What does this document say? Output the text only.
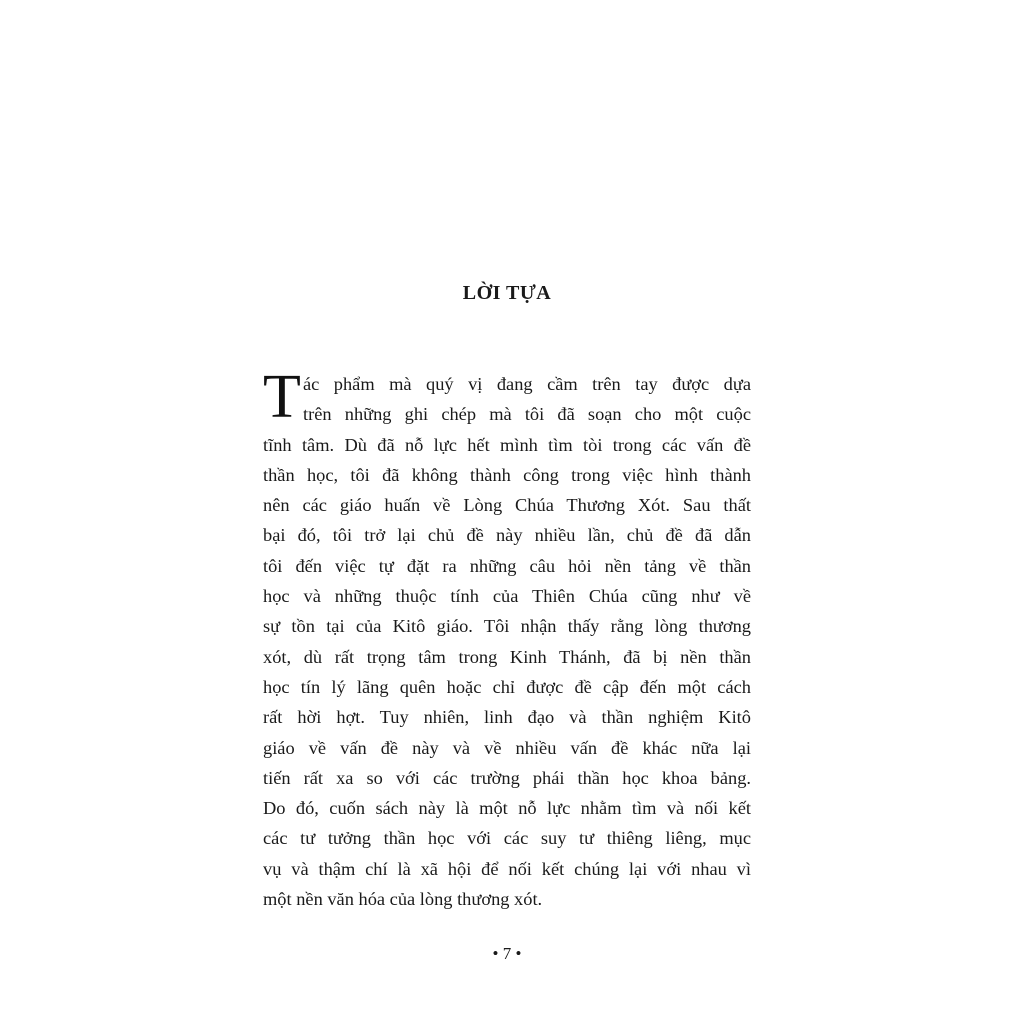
LỜI TỰA
T ác phẩm mà quý vị đang cầm trên tay được dựa
trên những ghi chép mà tôi đã soạn cho một cuộc
tĩnh tâm. Dù đã nỗ lực hết mình tìm tòi trong các vấn đề
thần học, tôi đã không thành công trong việc hình thành
nên các giáo huấn về Lòng Chúa Thương Xót. Sau thất
bại đó, tôi trở lại chủ đề này nhiều lần, chủ đề đã dẫn
tôi đến việc tự đặt ra những câu hỏi nền tảng về thần
học và những thuộc tính của Thiên Chúa cũng như về
sự tồn tại của Kitô giáo. Tôi nhận thấy rằng lòng thương
xót, dù rất trọng tâm trong Kinh Thánh, đã bị nền thần
học tín lý lãng quên hoặc chỉ được đề cập đến một cách
rất hời hợt. Tuy nhiên, linh đạo và thần nghiệm Kitô
giáo về vấn đề này và về nhiều vấn đề khác nữa lại
tiến rất xa so với các trường phái thần học khoa bảng.
Do đó, cuốn sách này là một nỗ lực nhằm tìm và nối kết
các tư tưởng thần học với các suy tư thiêng liêng, mục
vụ và thậm chí là xã hội để nối kết chúng lại với nhau vì
một nền văn hóa của lòng thương xót.
• 7 •
